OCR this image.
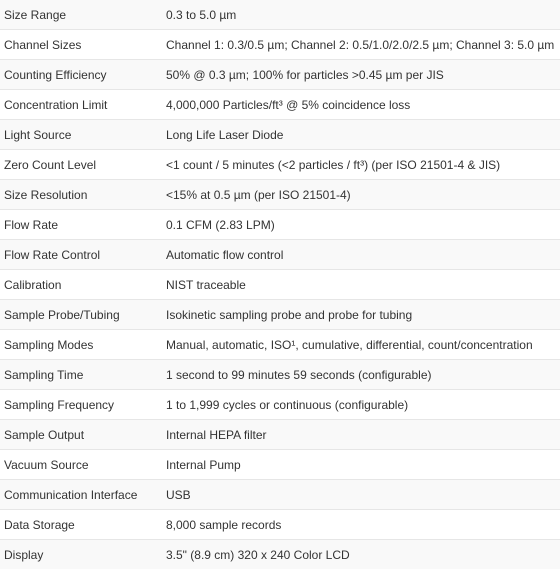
Size Range	0.3 to 5.0 µm
Channel Sizes	Channel 1: 0.3/0.5 µm; Channel 2: 0.5/1.0/2.0/2.5 µm; Channel 3: 5.0 µm
Counting Efficiency	50% @ 0.3 µm; 100% for particles >0.45 µm per JIS
Concentration Limit	4,000,000 Particles/ft³ @ 5% coincidence loss
Light Source	Long Life Laser Diode
Zero Count Level	<1 count / 5 minutes (<2 particles / ft³) (per ISO 21501-4 & JIS)
Size Resolution	<15% at 0.5 µm (per ISO 21501-4)
Flow Rate	0.1 CFM (2.83 LPM)
Flow Rate Control	Automatic flow control
Calibration	NIST traceable
Sample Probe/Tubing	Isokinetic sampling probe and probe for tubing
Sampling Modes	Manual, automatic, ISO¹, cumulative, differential, count/concentration
Sampling Time	1 second to 99 minutes 59 seconds (configurable)
Sampling Frequency	1 to 1,999 cycles or continuous (configurable)
Sample Output	Internal HEPA filter
Vacuum Source	Internal Pump
Communication Interface	USB
Data Storage	8,000 sample records
Display	3.5" (8.9 cm) 320 x 240 Color LCD
